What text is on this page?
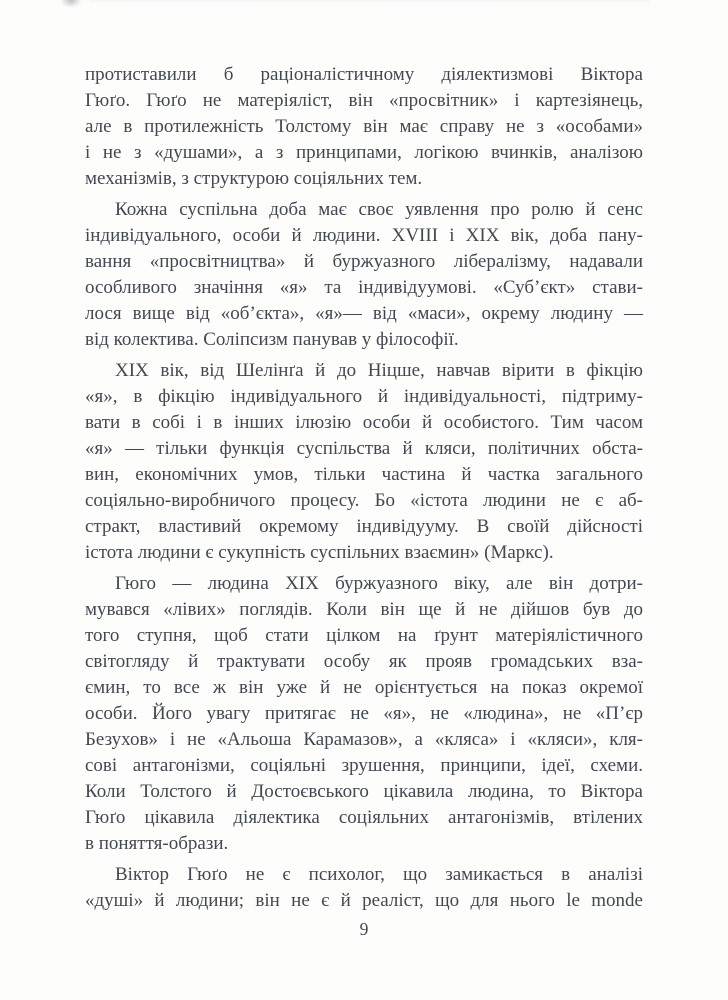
протиставили б раціоналістичному діялектизмові Віктора
Гюґо. Гюґо не матеріяліст, він «просвітник» і картезіянець,
але в протилежність Толстому він має справу не з «особами»
і не з «душами», а з принципами, логікою вчинків, аналізою
механізмів, з структурою соціяльних тем.
Кожна суспільна доба має своє уявлення про ролю й сенс
індивідуального, особи й людини. XVIII і XIX вік, доба пану-
вання «просвітництва» й буржуазного лібералізму, надавали
особливого значіння «я» та індивідуумові. «Суб’єкт» стави-
лося вище від «об’єкта», «я»— від «маси», окрему людину —
від колектива. Соліпсизм панував у філософії.
XIX вік, від Шелінґа й до Ніцше, навчав вірити в фікцію
«я», в фікцію індивідуального й індивідуальності, підтриму-
вати в собі і в інших ілюзію особи й особистого. Тим часом
«я» — тільки функція суспільства й кляси, політичних обста-
вин, економічних умов, тільки частина й частка загального
соціяльно-виробничого процесу. Бо «істота людини не є аб-
стракт, властивий окремому індивідууму. В своїй дійсності
істота людини є сукупність суспільних взаємин» (Маркс).
Гюго — людина XIX буржуазного віку, але він дотри-
мувався «лівих» поглядів. Коли він ще й не дійшов був до
того ступня, щоб стати цілком на ґрунт матеріялістичного
світогляду й трактувати особу як прояв громадських вза-
ємин, то все ж він уже й не орієнтується на показ окремої
особи. Його увагу притягає не «я», не «людина», не «П’єр
Безухов» і не «Альоша Карамазов», а «кляса» і «кляси», кля-
сові антагонізми, соціяльні зрушення, принципи, ідеї, схеми.
Коли Толстого й Достоєвського цікавила людина, то Віктора
Гюґо цікавила діялектика соціяльних антагонізмів, втілених
в поняття-образи.
Віктор Гюґо не є психолог, що замикається в аналізі
«душі» й людини; він не є й реаліст, що для нього le monde
9
